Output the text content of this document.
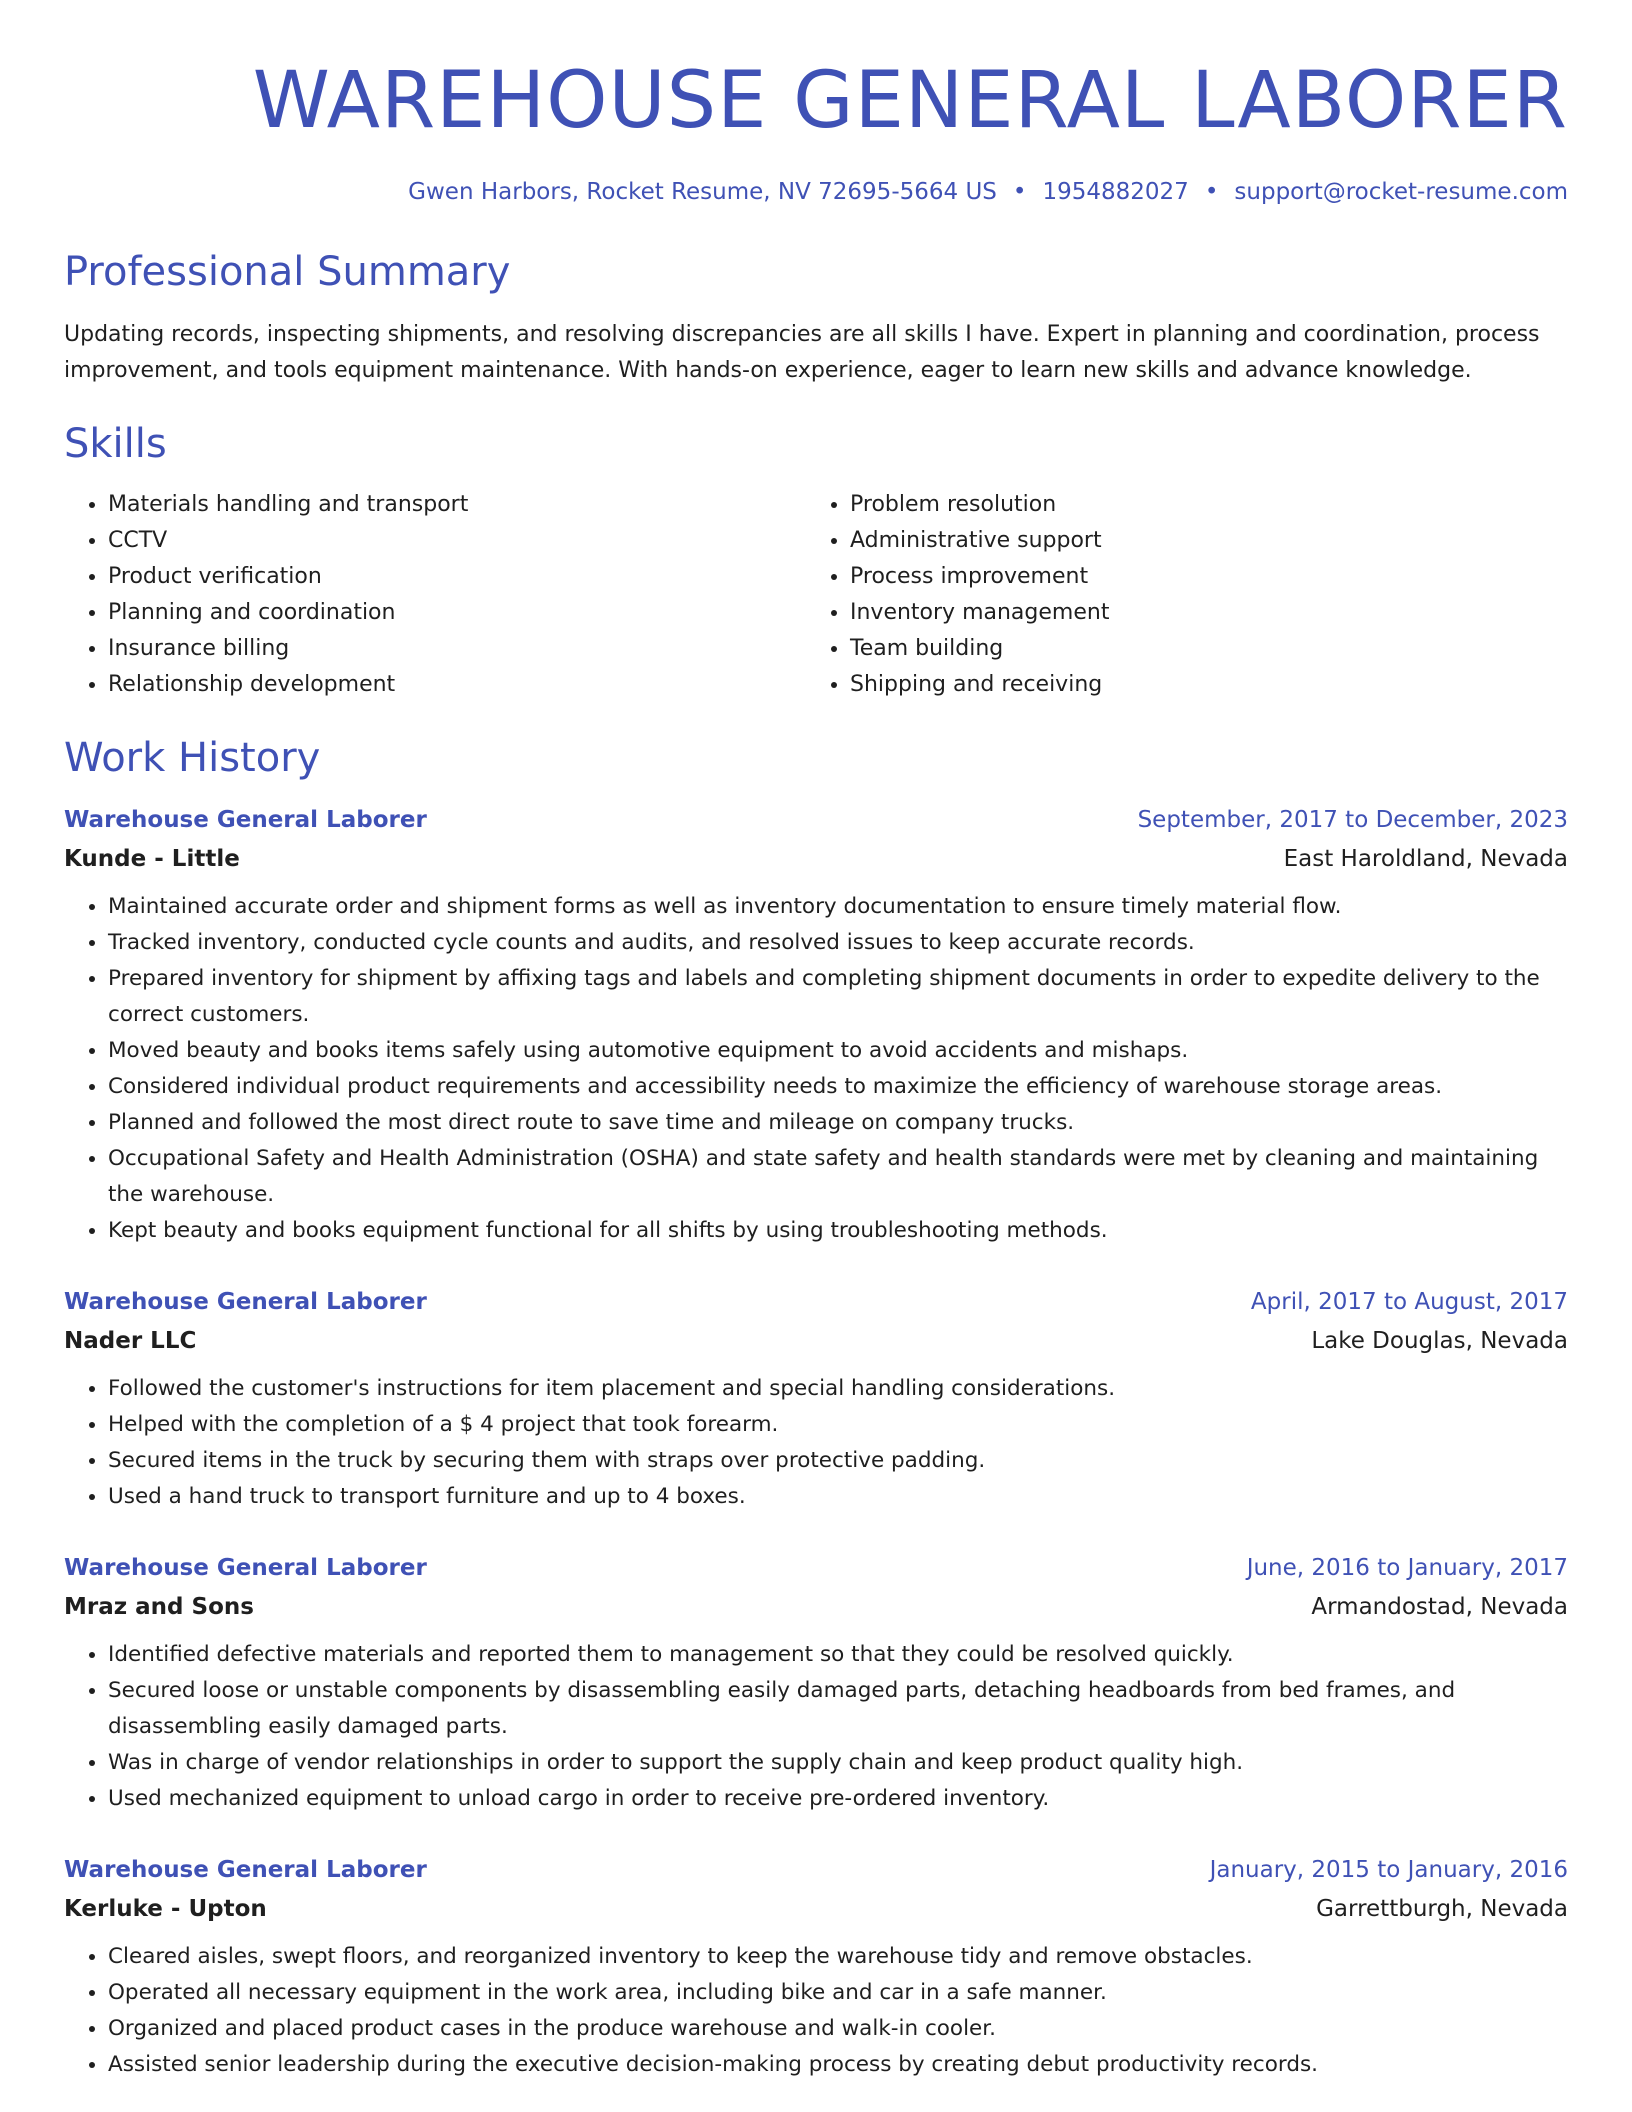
WAREHOUSE GENERAL LABORER
Gwen Harbors, Rocket Resume, NV 72695-5664 US • 1954882027 • support@rocket-resume.com
Professional Summary

Updating records, inspecting shipments, and resolving discrepancies are all skills I have. Expert in planning and coordination, process improvement, and tools equipment maintenance. With hands-on experience, eager to learn new skills and advance knowledge.

Skills
• Materials handling and transport
• CCTV
• Product verification
• Planning and coordination
• Insurance billing
• Relationship development
• Problem resolution
• Administrative support
• Process improvement
• Inventory management
• Team building
• Shipping and receiving
Work History
Warehouse General Laborer	September, 2017 to December, 2023
Kunde - Little	East Haroldland, Nevada
• Maintained accurate order and shipment forms as well as inventory documentation to ensure timely material flow.
• Tracked inventory, conducted cycle counts and audits, and resolved issues to keep accurate records.
• Prepared inventory for shipment by affixing tags and labels and completing shipment documents in order to expedite delivery to the correct customers.
• Moved beauty and books items safely using automotive equipment to avoid accidents and mishaps.
• Considered individual product requirements and accessibility needs to maximize the efficiency of warehouse storage areas.
• Planned and followed the most direct route to save time and mileage on company trucks.
• Occupational Safety and Health Administration (OSHA) and state safety and health standards were met by cleaning and maintaining the warehouse.
• Kept beauty and books equipment functional for all shifts by using troubleshooting methods.
Warehouse General Laborer	April, 2017 to August, 2017
Nader LLC	Lake Douglas, Nevada
• Followed the customer's instructions for item placement and special handling considerations.
• Helped with the completion of a $ 4 project that took forearm.
• Secured items in the truck by securing them with straps over protective padding.
• Used a hand truck to transport furniture and up to 4 boxes.
Warehouse General Laborer	June, 2016 to January, 2017
Mraz and Sons	Armandostad, Nevada
• Identified defective materials and reported them to management so that they could be resolved quickly.
• Secured loose or unstable components by disassembling easily damaged parts, detaching headboards from bed frames, and disassembling easily damaged parts.
• Was in charge of vendor relationships in order to support the supply chain and keep product quality high.
• Used mechanized equipment to unload cargo in order to receive pre-ordered inventory.
Warehouse General Laborer	January, 2015 to January, 2016
Kerluke - Upton	Garrettburgh, Nevada
• Cleared aisles, swept floors, and reorganized inventory to keep the warehouse tidy and remove obstacles.
• Operated all necessary equipment in the work area, including bike and car in a safe manner.
• Organized and placed product cases in the produce warehouse and walk-in cooler.
• Assisted senior leadership during the executive decision-making process by creating debut productivity records.
